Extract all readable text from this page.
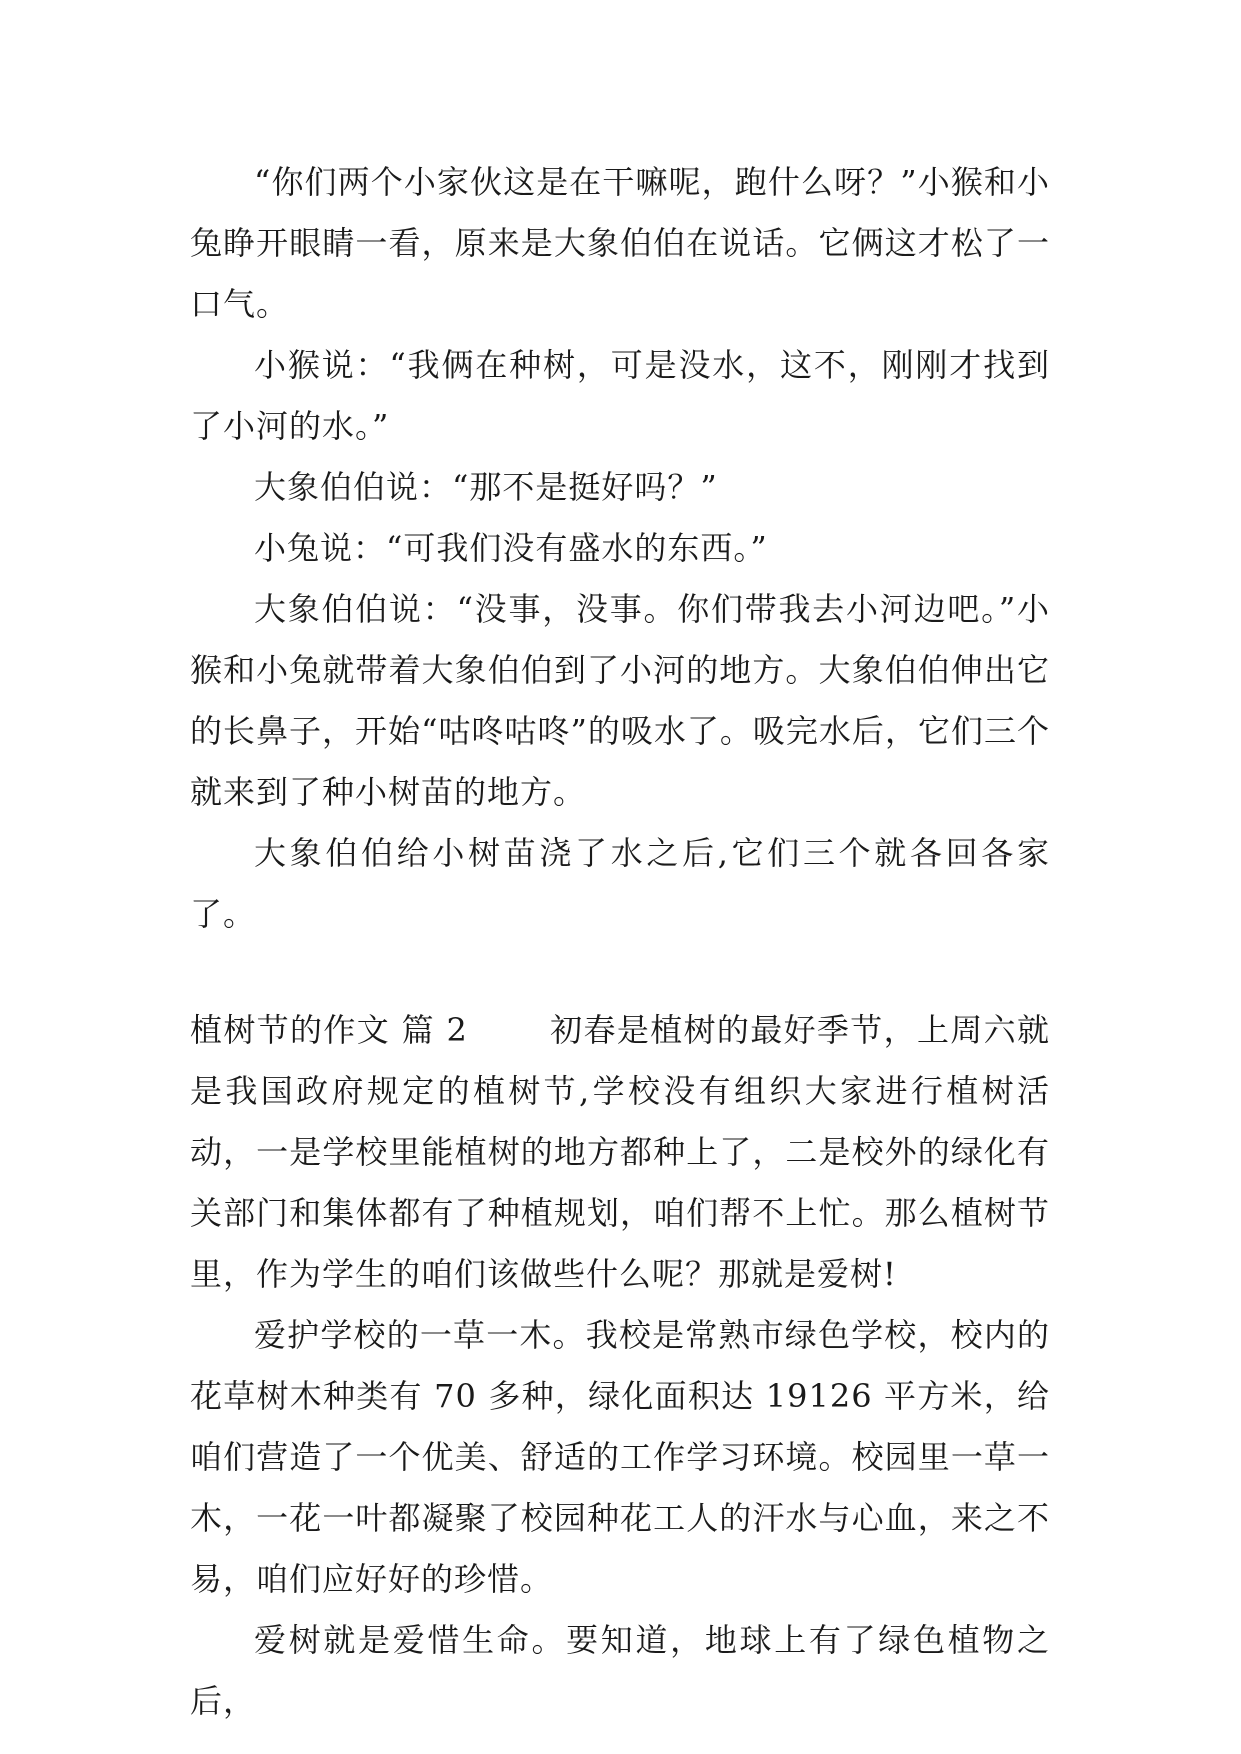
“你们两个小家伙这是在干嘛呢，跑什么呀？”小猴和小兔睁开眼睛一看，原来是大象伯伯在说话。它俩这才松了一口气。

小猴说：“我俩在种树，可是没水，这不，刚刚才找到了小河的水。”

大象伯伯说：“那不是挺好吗？”

小兔说：“可我们没有盛水的东西。”

大象伯伯说：“没事，没事。你们带我去小河边吧。”小猴和小兔就带着大象伯伯到了小河的地方。大象伯伯伸出它的长鼻子，开始“咕咚咕咚”的吸水了。吸完水后，它们三个就来到了种小树苗的地方。

大象伯伯给小树苗浇了水之后,它们三个就各回各家了。

植树节的作文 篇 2	初春是植树的最好季节，上周六就是我国政府规定的植树节,学校没有组织大家进行植树活动，一是学校里能植树的地方都种上了，二是校外的绿化有关部门和集体都有了种植规划，咱们帮不上忙。那么植树节里，作为学生的咱们该做些什么呢？那就是爱树!

爱护学校的一草一木。我校是常熟市绿色学校，校内的花草树木种类有 70 多种，绿化面积达 19126 平方米，给咱们营造了一个优美、舒适的工作学习环境。校园里一草一木，一花一叶都凝聚了校园种花工人的汗水与心血，来之不易，咱们应好好的珍惜。

爱树就是爱惜生命。要知道，地球上有了绿色植物之后，
